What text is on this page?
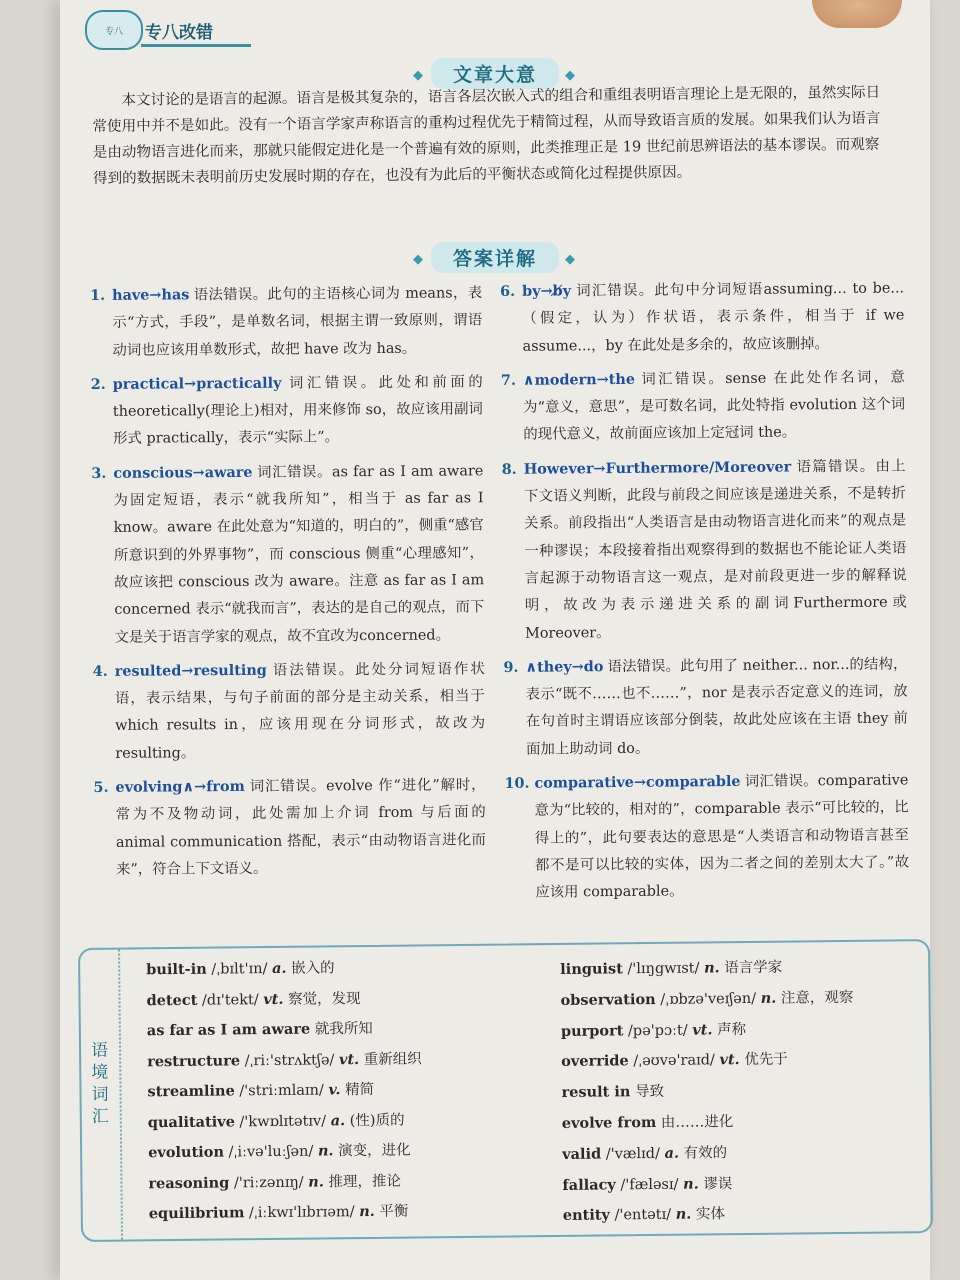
专八 专八改错
◆ 文章大意 ◆
本文讨论的是语言的起源。语言是极其复杂的，语言各层次嵌入式的组合和重组表明语言理论上是无限的，虽然实际日常使用中并不是如此。没有一个语言学家声称语言的重构过程优先于精简过程，从而导致语言质的发展。如果我们认为语言是由动物语言进化而来，那就只能假定进化是一个普遍有效的原则，此类推理正是 19 世纪前思辨语法的基本谬误。而观察得到的数据既未表明前历史发展时期的存在，也没有为此后的平衡状态或简化过程提供原因。
◆ 答案详解 ◆
1. have→has 语法错误。此句的主语核心词为 means，表示“方式，手段”，是单数名词，根据主谓一致原则，谓语动词也应该用单数形式，故把 have 改为 has。
2. practical→practically 词汇错误。此处和前面的 theoretically(理论上)相对，用来修饰 so，故应该用副词形式 practically，表示“实际上”。
3. conscious→aware 词汇错误。as far as I am aware 为固定短语，表示“就我所知”，相当于 as far as I know。aware 在此处意为“知道的，明白的”，侧重“感官所意识到的外界事物”，而 conscious 侧重“心理感知”，故应该把 conscious 改为 aware。注意 as far as I am concerned 表示“就我而言”，表达的是自己的观点，而下文是关于语言学家的观点，故不宜改为concerned。
4. resulted→resulting 语法错误。此处分词短语作状语，表示结果，与句子前面的部分是主动关系，相当于 which results in，应该用现在分词形式，故改为resulting。
5. evolving∧→from 词汇错误。evolve 作“进化”解时，常为不及物动词，此处需加上介词 from 与后面的 animal communication 搭配，表示“由动物语言进化而来”，符合上下文语义。
6. by→b̸y 词汇错误。此句中分词短语assuming... to be...（假定，认为）作状语，表示条件，相当于 if we assume...，by 在此处是多余的，故应该删掉。
7. ∧modern→the 词汇错误。sense 在此处作名词，意为“意义，意思”，是可数名词，此处特指 evolution 这个词的现代意义，故前面应该加上定冠词 the。
8. However→Furthermore/Moreover 语篇错误。由上下文语义判断，此段与前段之间应该是递进关系，不是转折关系。前段指出“人类语言是由动物语言进化而来”的观点是一种谬误；本段接着指出观察得到的数据也不能论证人类语言起源于动物语言这一观点，是对前段更进一步的解释说明，故改为表示递进关系的副词Furthermore或Moreover。
9. ∧they→do 语法错误。此句用了 neither... nor...的结构，表示“既不……也不……”，nor 是表示否定意义的连词，放在句首时主谓语应该部分倒装，故此处应该在主语 they 前面加上助动词 do。
10. comparative→comparable 词汇错误。comparative 意为“比较的，相对的”，comparable 表示“可比较的，比得上的”，此句要表达的意思是“人类语言和动物语言甚至都不是可以比较的实体，因为二者之间的差别太大了。”故应该用 comparable。
语境词汇
built-in /ˌbɪlt'ɪn/ a. 嵌入的
detect /dɪ'tekt/ vt. 察觉，发现
as far as I am aware 就我所知
restructure /ˌriː'strʌktʃə/ vt. 重新组织
streamline /'striːmlaɪn/ v. 精简
qualitative /'kwɒlɪtətɪv/ a. (性)质的
evolution /ˌiːvə'luːʃən/ n. 演变，进化
reasoning /'riːzənɪŋ/ n. 推理，推论
equilibrium /ˌiːkwɪ'lɪbrɪəm/ n. 平衡
linguist /'lɪŋgwɪst/ n. 语言学家
observation /ˌɒbzə'veɪʃən/ n. 注意，观察
purport /pə'pɔːt/ vt. 声称
override /ˌəʊvə'raɪd/ vt. 优先于
result in 导致
evolve from 由……进化
valid /'vælɪd/ a. 有效的
fallacy /'fæləsɪ/ n. 谬误
entity /'entətɪ/ n. 实体
